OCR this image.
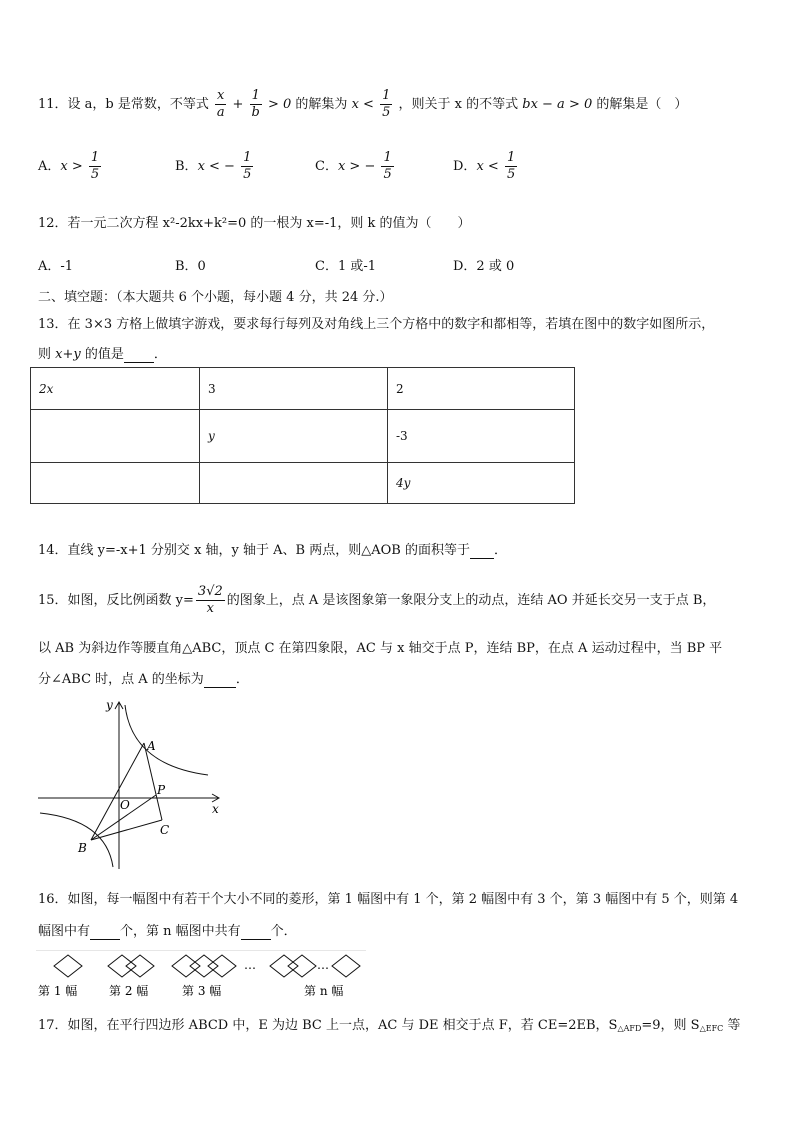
11．设 a，b 是常数，不等式 $\frac{x}{a} + \frac{1}{b} > 0$ 的解集为 $x < \frac{1}{5}$ ，则关于 x 的不等式 bx − a > 0 的解集是（　）
A．$x > \frac{1}{5}$	B．x < − $\frac{1}{5}$	C．x > − $\frac{1}{5}$	D．$x < \frac{1}{5}$
12．若一元二次方程 x²-2kx+k²=0 的一根为 x=-1，则 k 的值为（　　）
A．-1	B．0	C．1 或-1	D．2 或 0
二、填空题：（本大题共 6 个小题，每小题 4 分，共 24 分.）
13．在 3×3 方格上做填字游戏，要求每行每列及对角线上三个方格中的数字和都相等，若填在图中的数字如图所示，
则 x+y 的值是 ．
2x	3	2
	y	-3
		4y
14．直线 y=-x+1 分别交 x 轴，y 轴于 A、B 两点，则△AOB 的面积等于 ．
15．如图，反比例函数 $y= \frac{3√2}{x}$ 的图象上，点 A 是该图象第一象限分支上的动点，连结 AO 并延长交另一支于点 B，
以 AB 为斜边作等腰直角△ABC，顶点 C 在第四象限，AC 与 x 轴交于点 P，连结 BP，在点 A 运动过程中，当 BP 平
分∠ABC 时，点 A 的坐标为 ．
y
x
A
O
P
B
C
16．如图，每一幅图中有若干个大小不同的菱形，第 1 幅图中有 1 个，第 2 幅图中有 3 个，第 3 幅图中有 5 个，则第 4
幅图中有 个，第 n 幅图中共有 个．
…	…
第 1 幅	第 2 幅	第 3 幅	第 n 幅
17．如图，在平行四边形 ABCD 中，E 为边 BC 上一点，AC 与 DE 相交于点 F，若 CE=2EB，$S_{\triangle AFD}=9$，则 $S_{\triangle EFC}$ 等
